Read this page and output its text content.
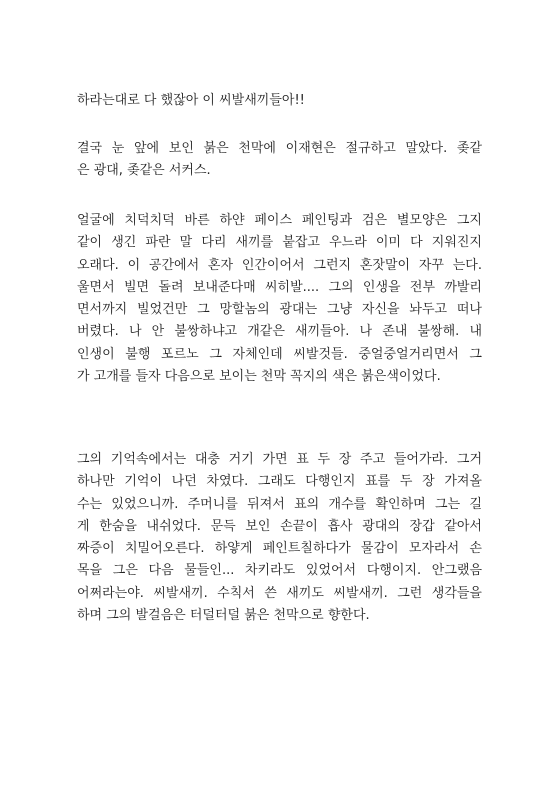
하라는대로 다 했잖아 이 씨발새끼들아!!
결국 눈 앞에 보인 붉은 천막에 이재현은 절규하고 말았다. 좆같
은 광대, 좆같은 서커스.
얼굴에 치덕치덕 바른 하얀 페이스 페인팅과 검은 별모양은 그지
같이 생긴 파란 말 다리 새끼를 붙잡고 우느라 이미 다 지워진지
오래다. 이 공간에서 혼자 인간이어서 그런지 혼잣말이 자꾸 는다.
울면서 빌면 돌려 보내준다매 씨히발.... 그의 인생을 전부 까발리
면서까지 빌었건만 그 망할놈의 광대는 그냥 자신을 놔두고 떠나
버렸다. 나 안 불쌍하냐고 개같은 새끼들아. 나 존내 불쌍해. 내
인생이 불행 포르노 그 자체인데 씨발것들. 중얼중얼거리면서 그
가 고개를 들자 다음으로 보이는 천막 꼭지의 색은 붉은색이었다.
그의 기억속에서는 대충 거기 가면 표 두 장 주고 들어가라. 그거
하나만 기억이 나던 차였다. 그래도 다행인지 표를 두 장 가져올
수는 있었으니까. 주머니를 뒤져서 표의 개수를 확인하며 그는 길
게 한숨을 내쉬었다. 문득 보인 손끝이 흡사 광대의 장갑 같아서
짜증이 치밀어오른다. 하얗게 페인트칠하다가 물감이 모자라서 손
목을 그은 다음 물들인... 차키라도 있었어서 다행이지. 안그랬음
어쩌라는야. 씨발새끼. 수칙서 쓴 새끼도 씨발새끼. 그런 생각들을
하며 그의 발걸음은 터덜터덜 붉은 천막으로 향한다.
